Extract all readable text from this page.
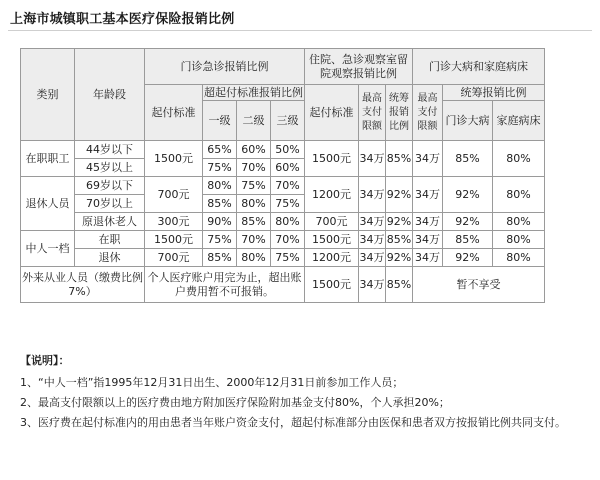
上海市城镇职工基本医疗保险报销比例
类别	年龄段	门诊急诊报销比例				住院、急诊观察室留院观察报销比例			门诊大病和家庭病床		
		起付标准	超起付标准报销比例			起付标准	最高支付限额	统筹报销比例	最高支付限额	统筹报销比例	
			一级	二级	三级					门诊大病	家庭病床
在职职工	44岁以下	1500元	65%	60%	50%	1500元	34万	85%	34万	85%	80%
	45岁以上		75%	70%	60%						
退休人员	69岁以下	700元	80%	75%	70%	1200元	34万	92%	34万	92%	80%
	70岁以上		85%	80%	75%						
	原退休老人	300元	90%	85%	80%	700元	34万	92%	34万	92%	80%
中人一档	在职	1500元	75%	70%	70%	1500元	34万	85%	34万	85%	80%
	退休	700元	85%	80%	75%	1200元	34万	92%	34万	92%	80%
外来从业人员（缴费比例7%）		个人医疗账户用完为止，超出账户费用暂不可报销。				1500元	34万	85%	暂不享受		

【说明】：

1、“中人一档”指1995年12月31日出生、2000年12月31日前参加工作人员；

2、最高支付限额以上的医疗费由地方附加医疗保险附加基金支付80%，个人承担20%；

3、医疗费在起付标准内的用由患者当年账户资金支付，超起付标准部分由医保和患者双方按报销比例共同支付。
